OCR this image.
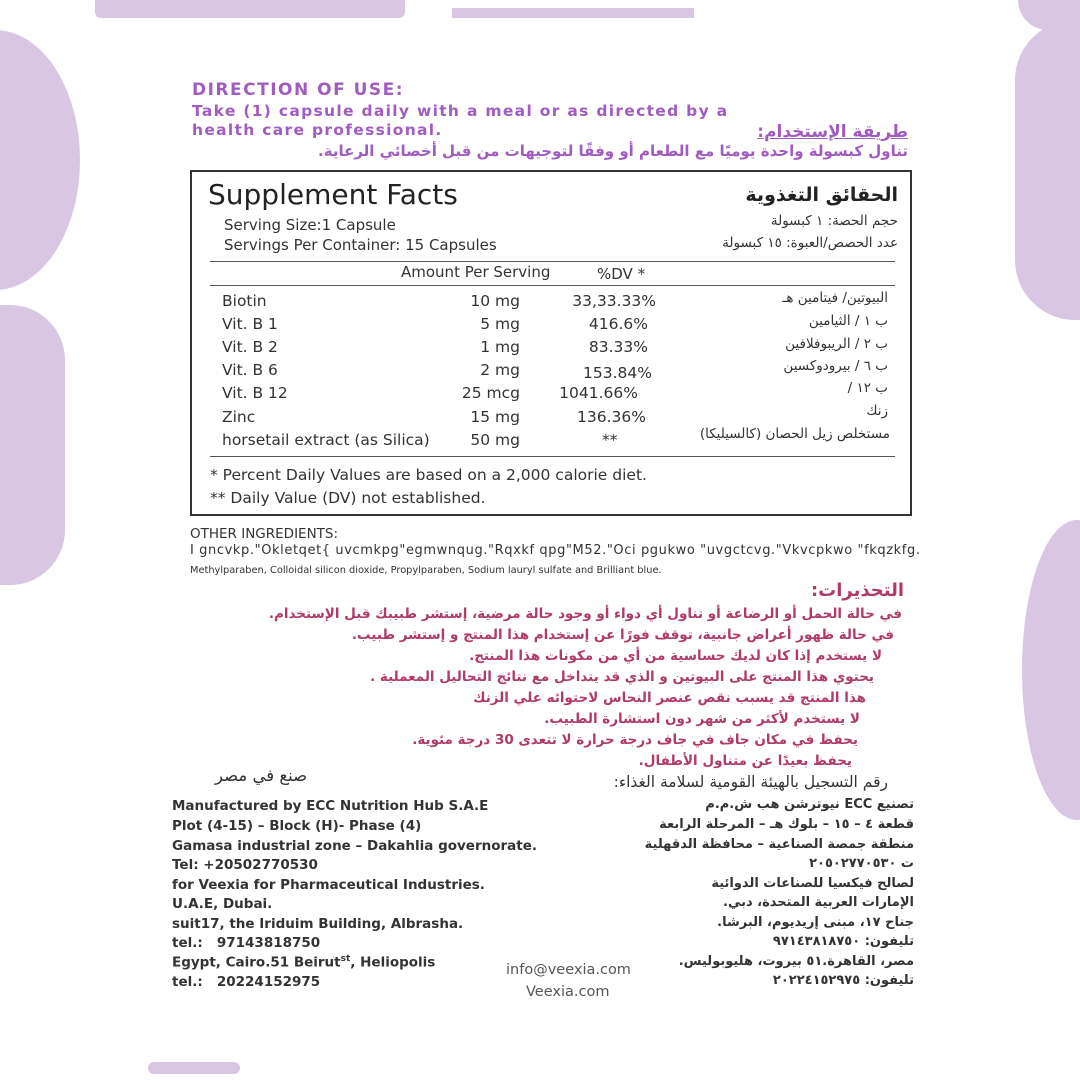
DIRECTION OF USE:
Take (1) capsule daily with a meal or as directed by a health care professional.	طريقة الإستخدام:
تناول كبسولة واحدة يوميًا مع الطعام أو وفقًا لتوجيهات من قبل أخصائي الرعاية.
Supplement Facts	الحقائق التغذوية
Serving Size:1 Capsule
Servings Per Container: 15 Capsules
حجم الحصة: ١ كبسولة
عدد الحصص/العبوة: ١٥ كبسولة
Amount Per Serving	%DV *
Biotin	10 mg	33,33.33%	البيوتين/ فيتامين هـ
Vit. B 1	5 mg	416.6%	ب ١ / الثيامين
Vit. B 2	1 mg	83.33%	ب ٢ / الريبوفلافين
Vit. B 6	2 mg	153.84%	ب ٦ / بيرودوكسين
Vit. B 12	25 mcg	1041.66%	ب ١٢ /
Zinc	15 mg	136.36%	زنك
horsetail extract (as Silica)	50 mg	**	مستخلص زيل الحصان (كالسيليكا)
* Percent Daily Values are based on a 2,000 calorie diet.
** Daily Value (DV) not established.
OTHER INGREDIENTS:
I gncvkp."Okletqet{ uvcmkpg"egmwnqug."Rqxkf qpg"M52."Oci pgukwo "uvgctcvg."Vkvcpkwo "fkqzkfg.
Methylparaben, Colloidal silicon dioxide, Propylparaben, Sodium lauryl sulfate and Brilliant blue.
التحذيرات:
في حالة الحمل أو الرضاعة أو تناول أي دواء أو وجود حالة مرضية، إستشر طبيبك قبل الإستخدام.
في حالة ظهور أعراض جانبية، توقف فورًا عن إستخدام هذا المنتج و إستشر طبيب.
لا يستخدم إذا كان لديك حساسية من أي من مكونات هذا المنتج.
يحتوي هذا المنتج على البيوتين و الذي قد يتداخل مع نتائج التحاليل المعملية .
هذا المنتج قد يسبب نقص عنصر النحاس لاحتوائه علي الزنك
لا يستخدم لأكثر من شهر دون استشارة الطبيب.
يحفظ في مكان جاف في جاف درجة حرارة لا تتعدى 30 درجة مئوية.
يحفظ بعيدًا عن متناول الأطفال.
صنع في مصر
Manufactured by ECC Nutrition Hub S.A.E
Plot (4-15) – Block (H)- Phase (4)
Gamasa industrial zone – Dakahlia governorate.
Tel: +20502770530
for Veexia for Pharmaceutical Industries.
U.A.E, Dubai.
suit17, the Iriduim Building, Albrasha.
tel.:   97143818750
Egypt, Cairo.51 Beirut$^{st}$, Heliopolis
tel.:   20224152975
رقم التسجيل بالهيئة القومية لسلامة الغذاء:
تصنيع ECC نيوترشن هب ش.م.م
قطعة ٤ – ١٥ – بلوك هـ – المرحلة الرابعة
منطقة جمصة الصناعية – محافظة الدقهلية
ت ٢٠٥٠٢٧٧٠٥٣٠
لصالح فيكسيا للصناعات الدوائية
الإمارات العربية المتحدة، دبي.
جناح ١٧، مبنى إريديوم، البرشا.
تليفون: ٩٧١٤٣٨١٨٧٥٠
مصر، القاهرة.٥١ بيروت، هليوبوليس.
تليفون: ٢٠٢٢٤١٥٢٩٧٥
info@veexia.com
Veexia.com
